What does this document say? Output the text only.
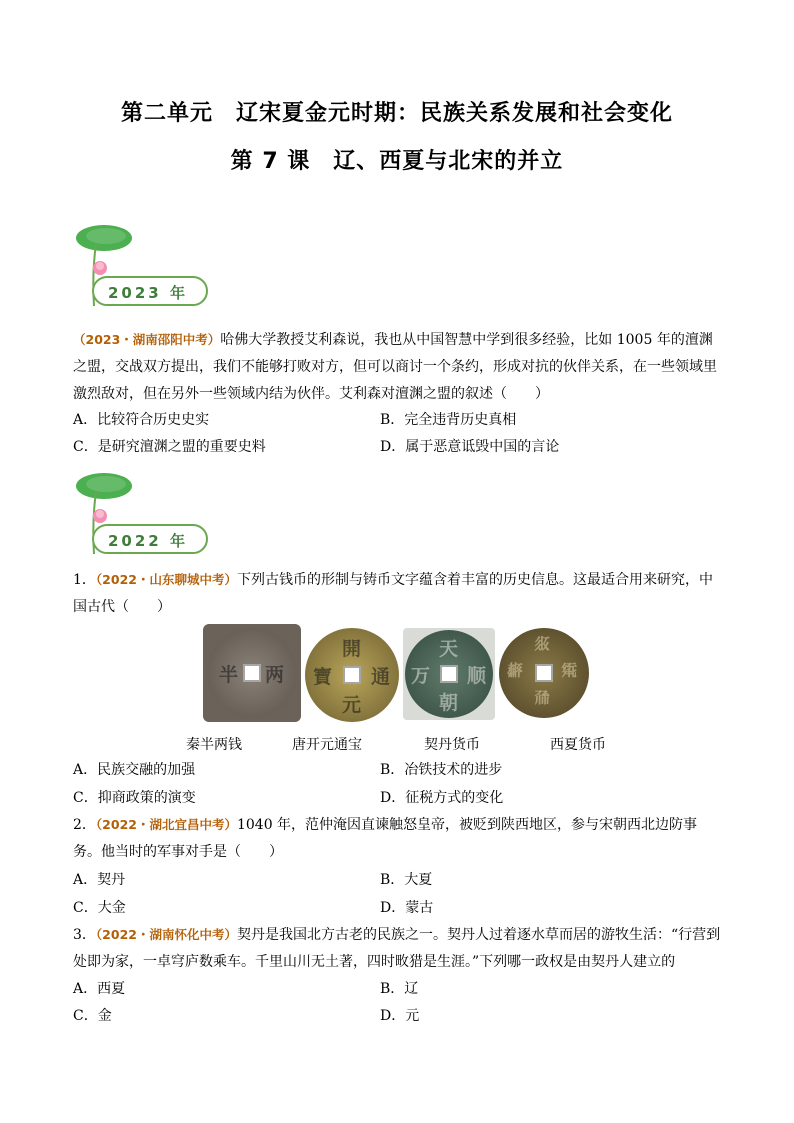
第二单元　辽宋夏金元时期：民族关系发展和社会变化
第 7 课　辽、西夏与北宋的并立
2023 年
（2023・湖南邵阳中考）哈佛大学教授艾利森说，我也从中国智慧中学到很多经验，比如 1005 年的澶渊之盟，交战双方提出，我们不能够打败对方，但可以商讨一个条约，形成对抗的伙伴关系，在一些领域里激烈敌对，但在另外一些领域内结为伙伴。艾利森对澶渊之盟的叙述（　　）
A．比较符合历史史实	B．完全违背历史真相
C．是研究澶渊之盟的重要史料	D．属于恶意诋毁中国的言论
2022 年
1．（2022・山东聊城中考）下列古钱币的形制与铸币文字蕴含着丰富的历史信息。这最适合用来研究，中国古代（　　）
半 两
開
元
通
寶
天
朝
万 顺
𗼇
𗗙
𘓄 𗋕
秦半两钱	唐开元通宝	契丹货币	西夏货币
A．民族交融的加强	B．冶铁技术的进步
C．抑商政策的演变	D．征税方式的变化
2．（2022・湖北宜昌中考）1040 年，范仲淹因直谏触怒皇帝，被贬到陕西地区，参与宋朝西北边防事务。他当时的军事对手是（　　）
A．契丹	B．大夏
C．大金	D．蒙古
3．（2022・湖南怀化中考）契丹是我国北方古老的民族之一。契丹人过着逐水草而居的游牧生活：“行营到处即为家，一卓穹庐数乘车。千里山川无土著，四时畋猎是生涯。”下列哪一政权是由契丹人建立的
A．西夏	B．辽
C．金	D．元
